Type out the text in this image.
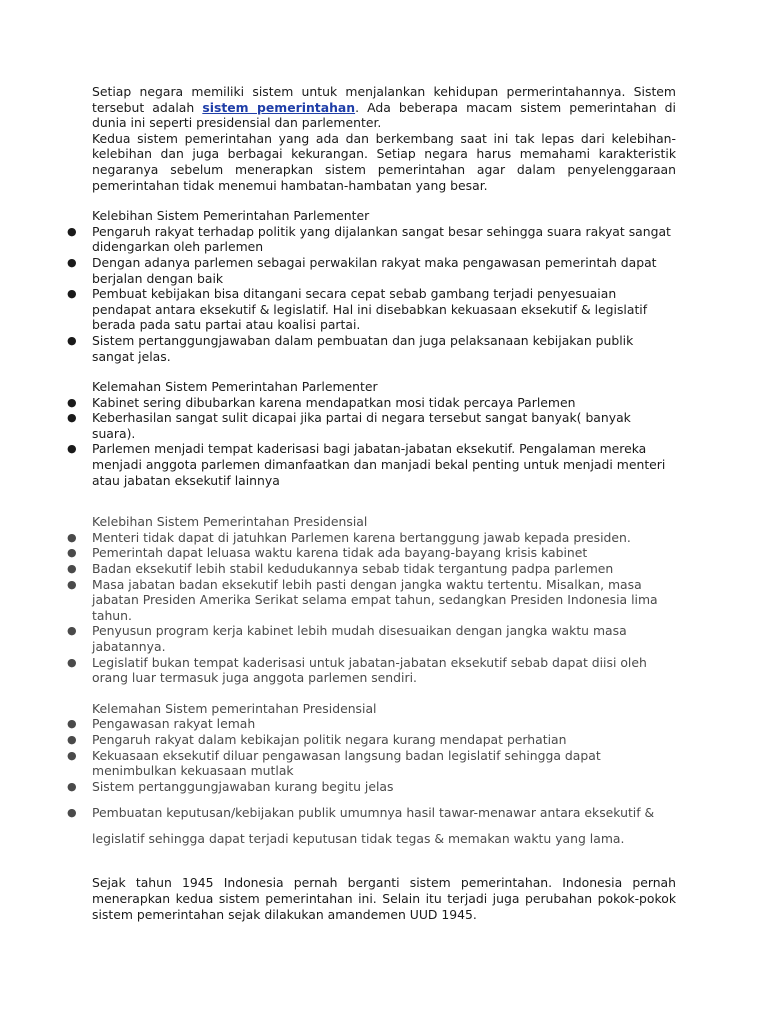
Setiap negara memiliki sistem untuk menjalankan kehidupan permerintahannya. Sistem tersebut adalah sistem pemerintahan. Ada beberapa macam sistem pemerintahan di dunia ini seperti presidensial dan parlementer.

Kedua sistem pemerintahan yang ada dan berkembang saat ini tak lepas dari kelebihan-kelebihan dan juga berbagai kekurangan. Setiap negara harus memahami karakteristik negaranya sebelum menerapkan sistem pemerintahan agar dalam penyelenggaraan pemerintahan tidak menemui hambatan-hambatan yang besar.

Kelebihan Sistem Pemerintahan Parlementer

● Pengaruh rakyat terhadap politik yang dijalankan sangat besar sehingga suara rakyat sangat didengarkan oleh parlemen
● Dengan adanya parlemen sebagai perwakilan rakyat maka pengawasan pemerintah dapat berjalan dengan baik
● Pembuat kebijakan bisa ditangani secara cepat sebab gambang terjadi penyesuaian pendapat antara eksekutif & legislatif. Hal ini disebabkan kekuasaan eksekutif & legislatif berada pada satu partai atau koalisi partai.
● Sistem pertanggungjawaban dalam pembuatan dan juga pelaksanaan kebijakan publik sangat jelas.

Kelemahan Sistem Pemerintahan Parlementer

● Kabinet sering dibubarkan karena mendapatkan mosi tidak percaya Parlemen
● Keberhasilan sangat sulit dicapai jika partai di negara tersebut sangat banyak( banyak suara).
● Parlemen menjadi tempat kaderisasi bagi jabatan-jabatan eksekutif. Pengalaman mereka menjadi anggota parlemen dimanfaatkan dan manjadi bekal penting untuk menjadi menteri atau jabatan eksekutif lainnya

Kelebihan Sistem Pemerintahan Presidensial

● Menteri tidak dapat di jatuhkan Parlemen karena bertanggung jawab kepada presiden.
● Pemerintah dapat leluasa waktu karena tidak ada bayang-bayang krisis kabinet
● Badan eksekutif lebih stabil kedudukannya sebab tidak tergantung padpa parlemen
● Masa jabatan badan eksekutif lebih pasti dengan jangka waktu tertentu. Misalkan, masa jabatan Presiden Amerika Serikat selama empat tahun, sedangkan Presiden Indonesia lima tahun.
● Penyusun program kerja kabinet lebih mudah disesuaikan dengan jangka waktu masa jabatannya.
● Legislatif bukan tempat kaderisasi untuk jabatan-jabatan eksekutif sebab dapat diisi oleh orang luar termasuk juga anggota parlemen sendiri.

Kelemahan Sistem pemerintahan Presidensial

● Pengawasan rakyat lemah
● Pengaruh rakyat dalam kebikajan politik negara kurang mendapat perhatian
● Kekuasaan eksekutif diluar pengawasan langsung badan legislatif sehingga dapat menimbulkan kekuasaan mutlak
● Sistem pertanggungjawaban kurang begitu jelas
● Pembuatan keputusan/kebijakan publik umumnya hasil tawar-menawar antara eksekutif & legislatif sehingga dapat terjadi keputusan tidak tegas & memakan waktu yang lama.

Sejak tahun 1945 Indonesia pernah berganti sistem pemerintahan. Indonesia pernah menerapkan kedua sistem pemerintahan ini. Selain itu terjadi juga perubahan pokok-pokok sistem pemerintahan sejak dilakukan amandemen UUD 1945.
